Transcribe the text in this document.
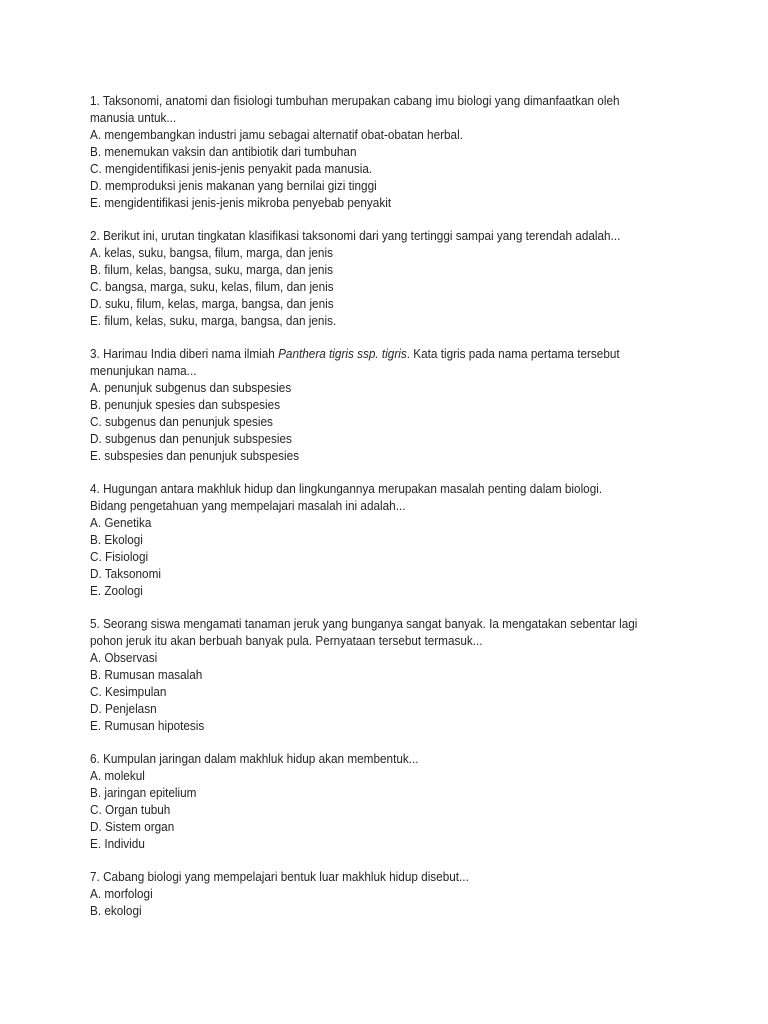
1. Taksonomi, anatomi dan fisiologi tumbuhan merupakan cabang imu biologi yang dimanfaatkan oleh
manusia untuk...
A. mengembangkan industri jamu sebagai alternatif obat-obatan herbal.
B. menemukan vaksin dan antibiotik dari tumbuhan
C. mengidentifikasi jenis-jenis penyakit pada manusia.
D. memproduksi jenis makanan yang bernilai gizi tinggi
E. mengidentifikasi jenis-jenis mikroba penyebab penyakit
2. Berikut ini, urutan tingkatan klasifikasi taksonomi dari yang tertinggi sampai yang terendah adalah...
A. kelas, suku, bangsa, filum, marga, dan jenis
B. filum, kelas, bangsa, suku, marga, dan jenis
C. bangsa, marga, suku, kelas, filum, dan jenis
D. suku, filum, kelas, marga, bangsa, dan jenis
E. filum, kelas, suku, marga, bangsa, dan jenis.
3. Harimau India diberi nama ilmiah Panthera tigris ssp. tigris. Kata tigris pada nama pertama tersebut
menunjukan nama...
A. penunjuk subgenus dan subspesies
B. penunjuk spesies dan subspesies
C. subgenus dan penunjuk spesies
D. subgenus dan penunjuk subspesies
E. subspesies dan penunjuk subspesies
4. Hugungan antara makhluk hidup dan lingkungannya merupakan masalah penting dalam biologi.
Bidang pengetahuan yang mempelajari masalah ini adalah...
A. Genetika
B. Ekologi
C. Fisiologi
D. Taksonomi
E. Zoologi
5. Seorang siswa mengamati tanaman jeruk yang bunganya sangat banyak. Ia mengatakan sebentar lagi
pohon jeruk itu akan berbuah banyak pula. Pernyataan tersebut termasuk...
A. Observasi
B. Rumusan masalah
C. Kesimpulan
D. Penjelasn
E. Rumusan hipotesis
6. Kumpulan jaringan dalam makhluk hidup akan membentuk...
A. molekul
B. jaringan epitelium
C. Organ tubuh
D. Sistem organ
E. Individu
7. Cabang biologi yang mempelajari bentuk luar makhluk hidup disebut...
A. morfologi
B. ekologi
